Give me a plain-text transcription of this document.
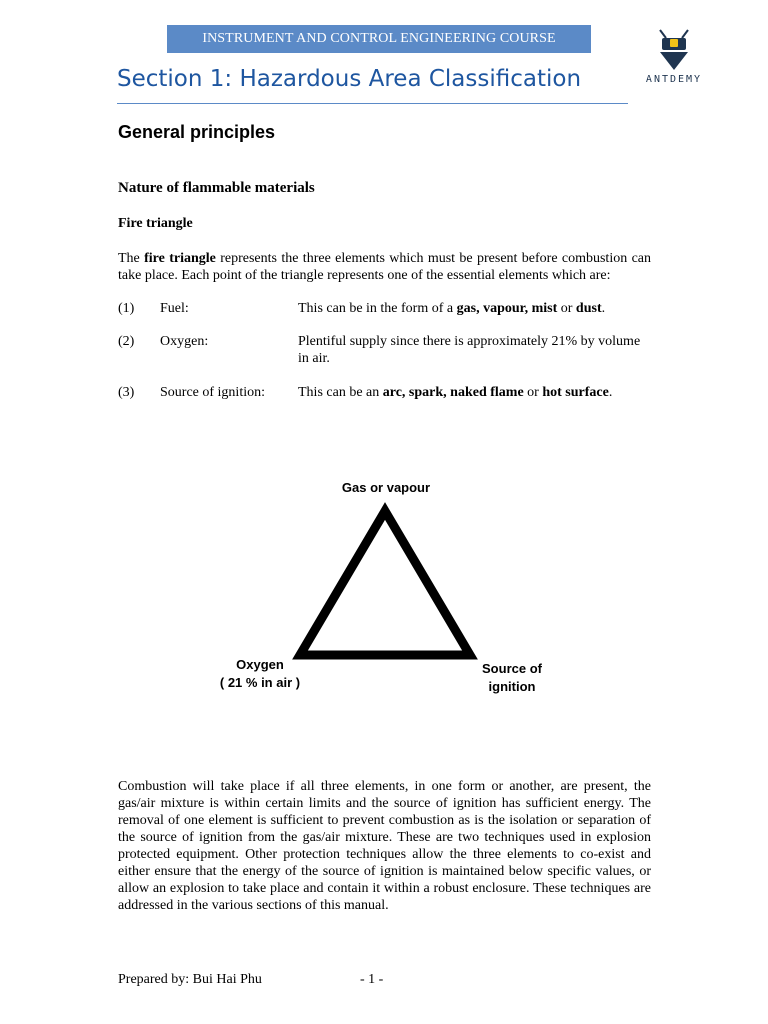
INSTRUMENT AND CONTROL ENGINEERING COURSE
ANTDEMY
Section 1: Hazardous Area Classification
General principles
Nature of flammable materials
Fire triangle
The fire triangle represents the three elements which must be present before combustion can take place. Each point of the triangle represents one of the essential elements which are:
(1) Fuel:	This can be in the form of a gas, vapour, mist or dust.
(2) Oxygen:	Plentiful supply since there is approximately 21% by volume in air.
(3) Source of ignition: This can be an arc, spark, naked flame or hot surface.
Gas or vapour
Oxygen
( 21 % in air )
Source of
ignition
Combustion will take place if all three elements, in one form or another, are present, the gas/air mixture is within certain limits and the source of ignition has sufficient energy. The removal of one element is sufficient to prevent combustion as is the isolation or separation of the source of ignition from the gas/air mixture. These are two techniques used in explosion protected equipment. Other protection techniques allow the three elements to co-exist and either ensure that the energy of the source of ignition is maintained below specific values, or allow an explosion to take place and contain it within a robust enclosure. These techniques are addressed in the various sections of this manual.
Prepared by: Bui Hai Phu	- 1 -
